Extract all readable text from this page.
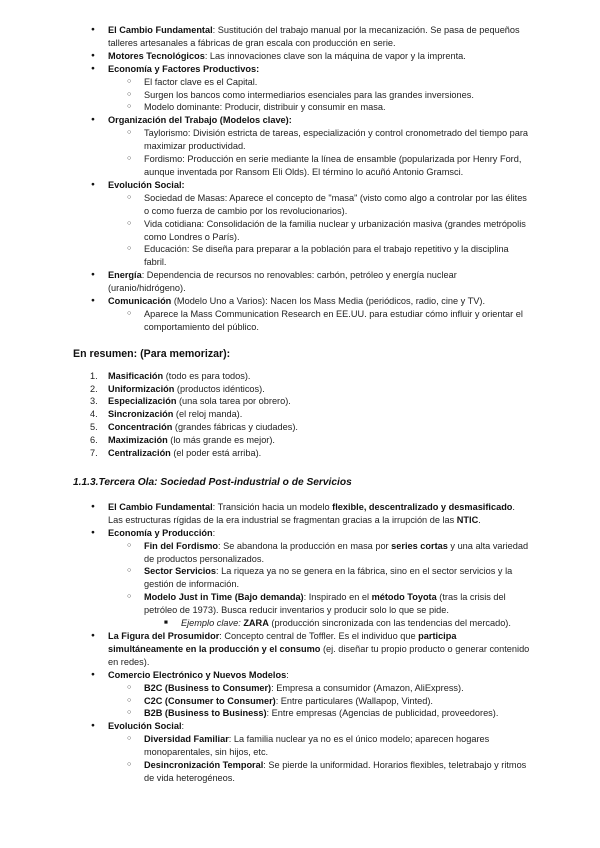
● El Cambio Fundamental: Sustitución del trabajo manual por la mecanización. Se pasa de pequeños talleres artesanales a fábricas de gran escala con producción en serie.
● Motores Tecnológicos: Las innovaciones clave son la máquina de vapor y la imprenta.
● Economía y Factores Productivos:
○ El factor clave es el Capital.
○ Surgen los bancos como intermediarios esenciales para las grandes inversiones.
○ Modelo dominante: Producir, distribuir y consumir en masa.
● Organización del Trabajo (Modelos clave):
○ Taylorismo: División estricta de tareas, especialización y control cronometrado del tiempo para maximizar productividad.
○ Fordismo: Producción en serie mediante la línea de ensamble (popularizada por Henry Ford, aunque inventada por Ransom Eli Olds). El término lo acuñó Antonio Gramsci.
● Evolución Social:
○ Sociedad de Masas: Aparece el concepto de "masa" (visto como algo a controlar por las élites o como fuerza de cambio por los revolucionarios).
○ Vida cotidiana: Consolidación de la familia nuclear y urbanización masiva (grandes metrópolis como Londres o París).
○ Educación: Se diseña para preparar a la población para el trabajo repetitivo y la disciplina fabril.
● Energía: Dependencia de recursos no renovables: carbón, petróleo y energía nuclear (uranio/hidrógeno).
● Comunicación (Modelo Uno a Varios): Nacen los Mass Media (periódicos, radio, cine y TV).
○ Aparece la Mass Communication Research en EE.UU. para estudiar cómo influir y orientar el comportamiento del público.
En resumen: (Para memorizar):
1. Masificación (todo es para todos).
2. Uniformización (productos idénticos).
3. Especialización (una sola tarea por obrero).
4. Sincronización (el reloj manda).
5. Concentración (grandes fábricas y ciudades).
6. Maximización (lo más grande es mejor).
7. Centralización (el poder está arriba).
1.1.3.Tercera Ola: Sociedad Post-industrial o de Servicios
● El Cambio Fundamental: Transición hacia un modelo flexible, descentralizado y desmasificado. Las estructuras rígidas de la era industrial se fragmentan gracias a la irrupción de las NTIC.
● Economía y Producción:
○ Fin del Fordismo: Se abandona la producción en masa por series cortas y una alta variedad de productos personalizados.
○ Sector Servicios: La riqueza ya no se genera en la fábrica, sino en el sector servicios y la gestión de información.
○ Modelo Just in Time (Bajo demanda): Inspirado en el método Toyota (tras la crisis del petróleo de 1973). Busca reducir inventarios y producir solo lo que se pide.
■ Ejemplo clave: ZARA (producción sincronizada con las tendencias del mercado).
● La Figura del Prosumidor: Concepto central de Toffler. Es el individuo que participa simultáneamente en la producción y el consumo (ej. diseñar tu propio producto o generar contenido en redes).
● Comercio Electrónico y Nuevos Modelos:
○ B2C (Business to Consumer): Empresa a consumidor (Amazon, AliExpress).
○ C2C (Consumer to Consumer): Entre particulares (Wallapop, Vinted).
○ B2B (Business to Business): Entre empresas (Agencias de publicidad, proveedores).
● Evolución Social:
○ Diversidad Familiar: La familia nuclear ya no es el único modelo; aparecen hogares monoparentales, sin hijos, etc.
○ Desincronización Temporal: Se pierde la uniformidad. Horarios flexibles, teletrabajo y ritmos de vida heterogéneos.
